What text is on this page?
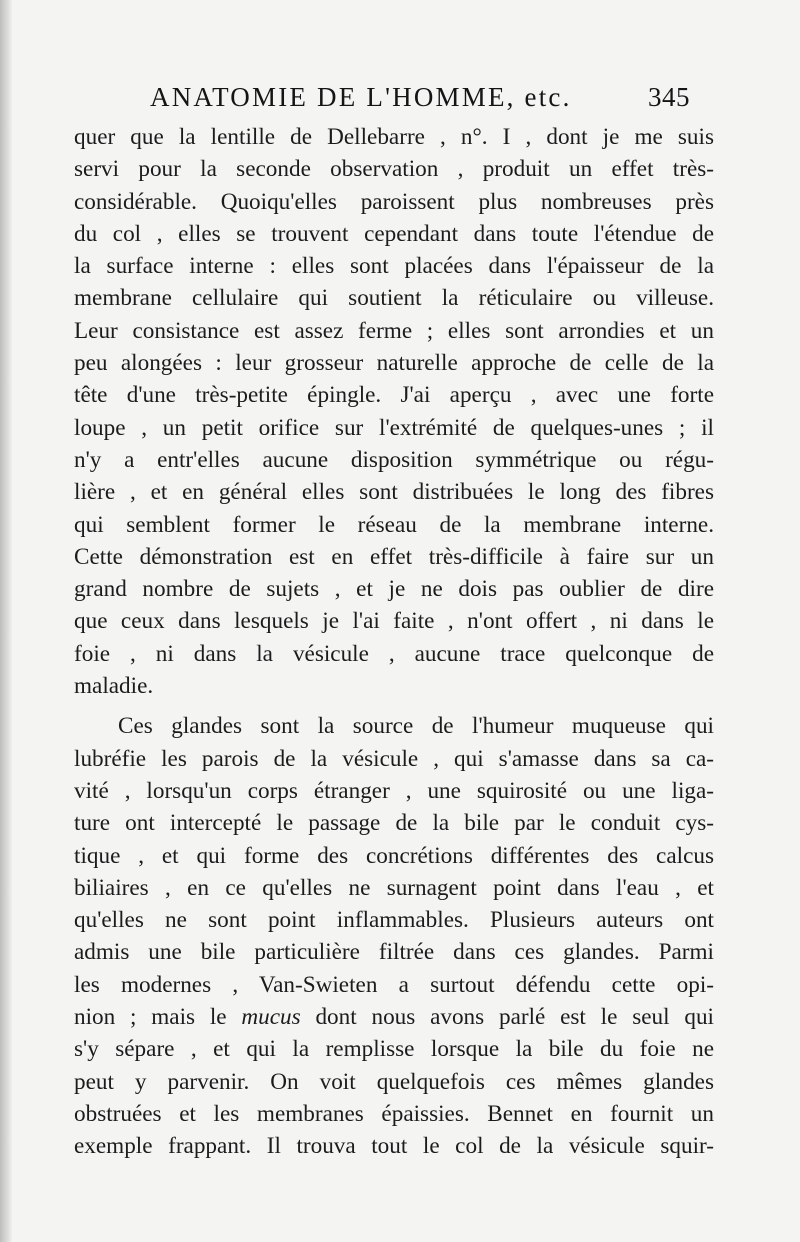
ANATOMIE DE L'HOMME, etc.	345
quer que la lentille de Dellebarre , n°. I , dont je me suis
servi pour la seconde observation , produit un effet très-
considérable. Quoiqu'elles paroissent plus nombreuses près
du col , elles se trouvent cependant dans toute l'étendue de
la surface interne : elles sont placées dans l'épaisseur de la
membrane cellulaire qui soutient la réticulaire ou villeuse.
Leur consistance est assez ferme ; elles sont arrondies et un
peu alongées : leur grosseur naturelle approche de celle de la
tête d'une très-petite épingle. J'ai aperçu , avec une forte
loupe , un petit orifice sur l'extrémité de quelques-unes ; il
n'y a entr'elles aucune disposition symmétrique ou régu-
lière , et en général elles sont distribuées le long des fibres
qui semblent former le réseau de la membrane interne.
Cette démonstration est en effet très-difficile à faire sur un
grand nombre de sujets , et je ne dois pas oublier de dire
que ceux dans lesquels je l'ai faite , n'ont offert , ni dans le
foie , ni dans la vésicule , aucune trace quelconque de
maladie.
Ces glandes sont la source de l'humeur muqueuse qui
lubréfie les parois de la vésicule , qui s'amasse dans sa ca-
vité , lorsqu'un corps étranger , une squirosité ou une liga-
ture ont intercepté le passage de la bile par le conduit cys-
tique , et qui forme des concrétions différentes des calcus
biliaires , en ce qu'elles ne surnagent point dans l'eau , et
qu'elles ne sont point inflammables. Plusieurs auteurs ont
admis une bile particulière filtrée dans ces glandes. Parmi
les modernes , Van-Swieten a surtout défendu cette opi-
nion ; mais le mucus dont nous avons parlé est le seul qui
s'y sépare , et qui la remplisse lorsque la bile du foie ne
peut y parvenir. On voit quelquefois ces mêmes glandes
obstruées et les membranes épaissies. Bennet en fournit un
exemple frappant. Il trouva tout le col de la vésicule squir-
